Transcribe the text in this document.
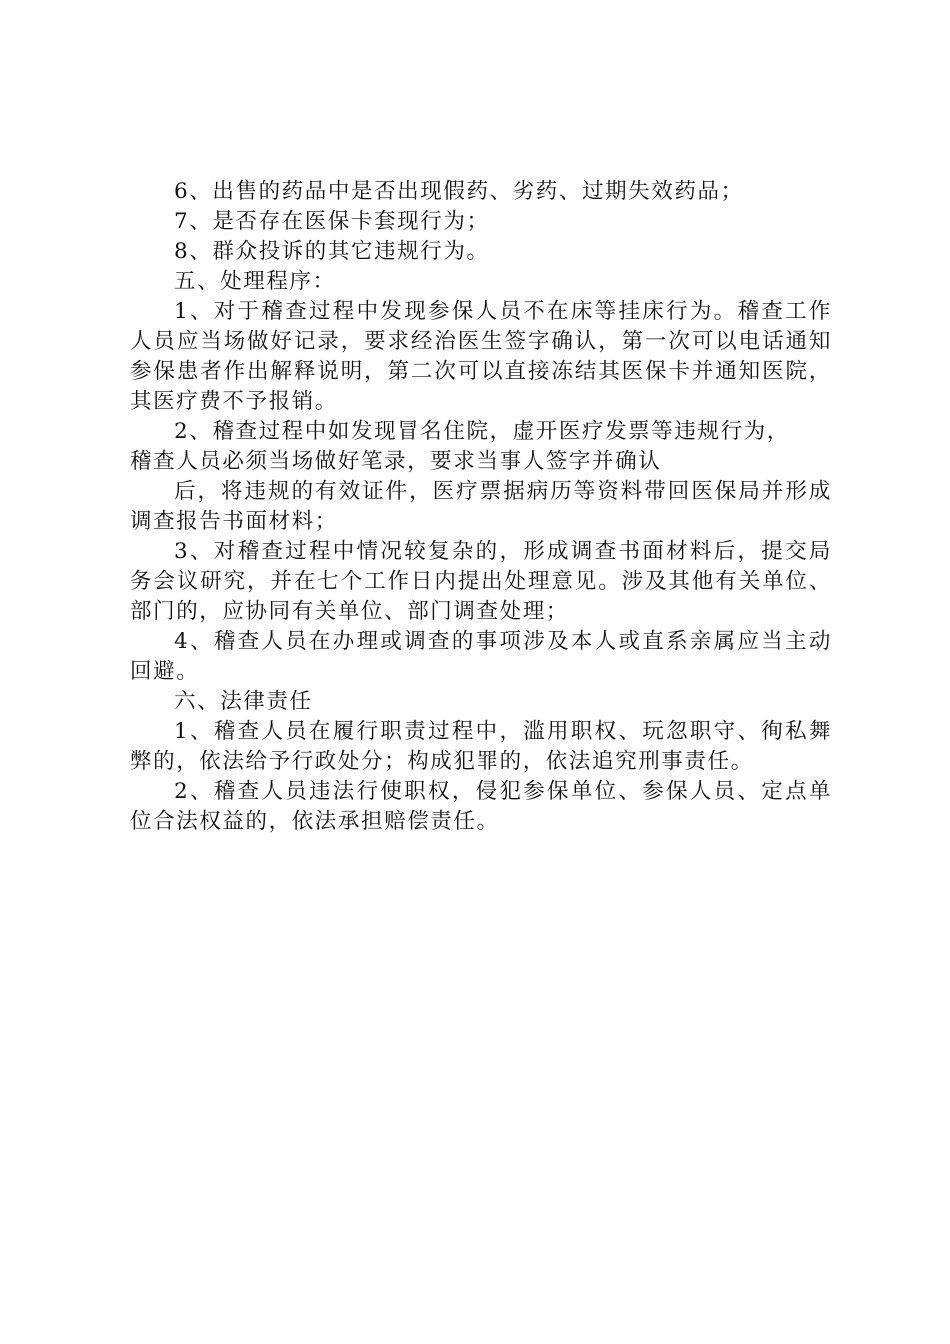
6、出售的药品中是否出现假药、劣药、过期失效药品；

7、是否存在医保卡套现行为；

8、群众投诉的其它违规行为。

五、处理程序：

1、对于稽查过程中发现参保人员不在床等挂床行为。稽查工作人员应当场做好记录，要求经治医生签字确认，第一次可以电话通知参保患者作出解释说明，第二次可以直接冻结其医保卡并通知医院，其医疗费不予报销。

2、稽查过程中如发现冒名住院，虚开医疗发票等违规行为，

稽查人员必须当场做好笔录，要求当事人签字并确认

后，将违规的有效证件，医疗票据病历等资料带回医保局并形成调查报告书面材料；

3、对稽查过程中情况较复杂的，形成调查书面材料后，提交局务会议研究，并在七个工作日内提出处理意见。涉及其他有关单位、部门的，应协同有关单位、部门调查处理；

4、稽查人员在办理或调查的事项涉及本人或直系亲属应当主动回避。

六、法律责任

1、稽查人员在履行职责过程中，滥用职权、玩忽职守、徇私舞弊的，依法给予行政处分；构成犯罪的，依法追究刑事责任。

2、稽查人员违法行使职权，侵犯参保单位、参保人员、定点单位合法权益的，依法承担赔偿责任。
